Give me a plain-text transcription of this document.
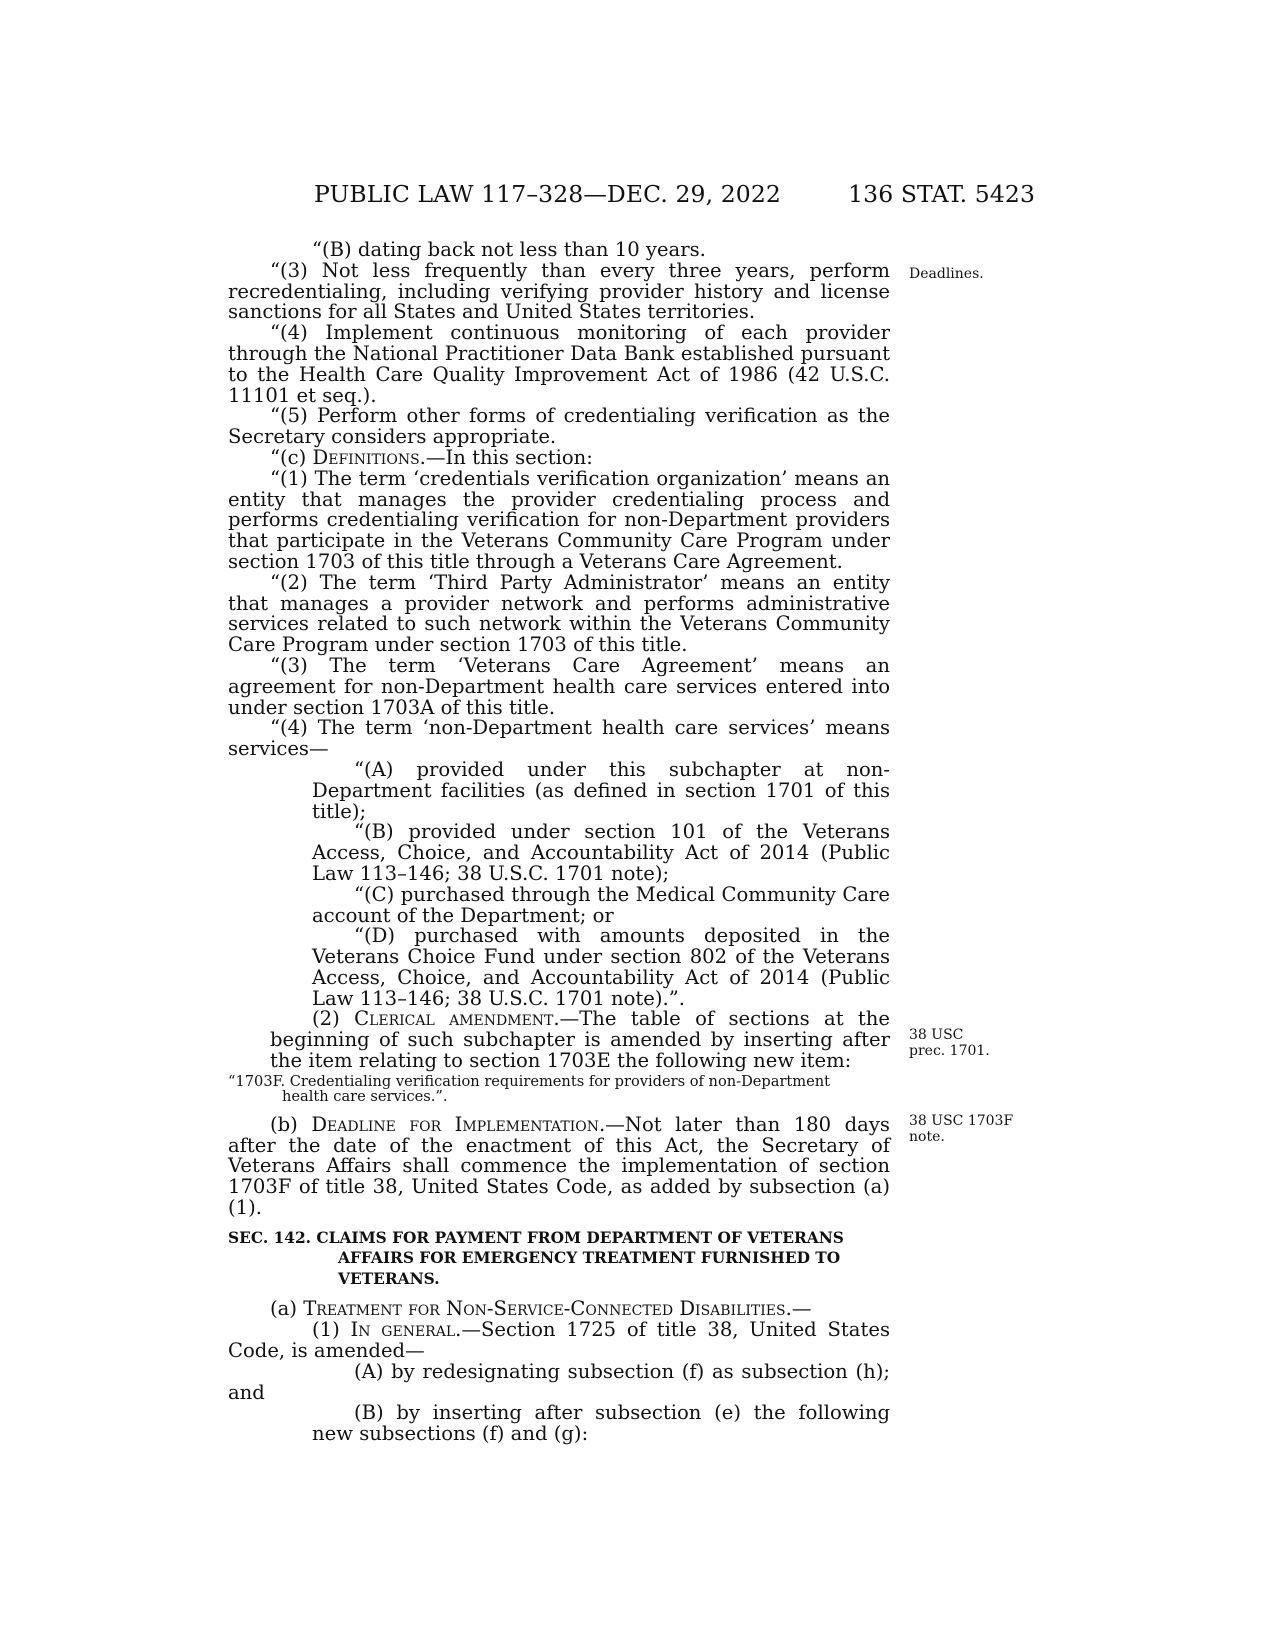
PUBLIC LAW 117–328—DEC. 29, 2022	136 STAT. 5423
Deadlines.
38 USC
prec. 1701.
38 USC 1703F
note.

“(B) dating back not less than 10 years.

“(3) Not less frequently than every three years, perform recredentialing, including verifying provider history and license sanctions for all States and United States territories.

“(4) Implement continuous monitoring of each provider through the National Practitioner Data Bank established pursuant to the Health Care Quality Improvement Act of 1986 (42 U.S.C. 11101 et seq.).

“(5) Perform other forms of credentialing verification as the Secretary considers appropriate.

“(c) Definitions.—In this section:

“(1) The term ‘credentials verification organization’ means an entity that manages the provider credentialing process and performs credentialing verification for non-Department providers that participate in the Veterans Community Care Program under section 1703 of this title through a Veterans Care Agreement.

“(2) The term ‘Third Party Administrator’ means an entity that manages a provider network and performs administrative services related to such network within the Veterans Community Care Program under section 1703 of this title.

“(3) The term ‘Veterans Care Agreement’ means an agreement for non-Department health care services entered into under section 1703A of this title.

“(4) The term ‘non-Department health care services’ means services—

“(A) provided under this subchapter at non-Department facilities (as defined in section 1701 of this title);

“(B) provided under section 101 of the Veterans Access, Choice, and Accountability Act of 2014 (Public Law 113–146; 38 U.S.C. 1701 note);

“(C) purchased through the Medical Community Care account of the Department; or

“(D) purchased with amounts deposited in the Veterans Choice Fund under section 802 of the Veterans Access, Choice, and Accountability Act of 2014 (Public Law 113–146; 38 U.S.C. 1701 note).”.

(2) Clerical amendment.—The table of sections at the beginning of such subchapter is amended by inserting after the item relating to section 1703E the following new item:

“1703F. Credentialing verification requirements for providers of non-Department
health care services.”.

(b) Deadline for Implementation.—Not later than 180 days after the date of the enactment of this Act, the Secretary of Veterans Affairs shall commence the implementation of section 1703F of title 38, United States Code, as added by subsection (a)(1).

SEC. 142. CLAIMS FOR PAYMENT FROM DEPARTMENT OF VETERANS
AFFAIRS FOR EMERGENCY TREATMENT FURNISHED TO
VETERANS.

(a) Treatment for Non-Service-Connected Disabilities.—

(1) In general.—Section 1725 of title 38, United States Code, is amended—

(A) by redesignating subsection (f) as subsection (h); and

(B) by inserting after subsection (e) the following new subsections (f) and (g):
